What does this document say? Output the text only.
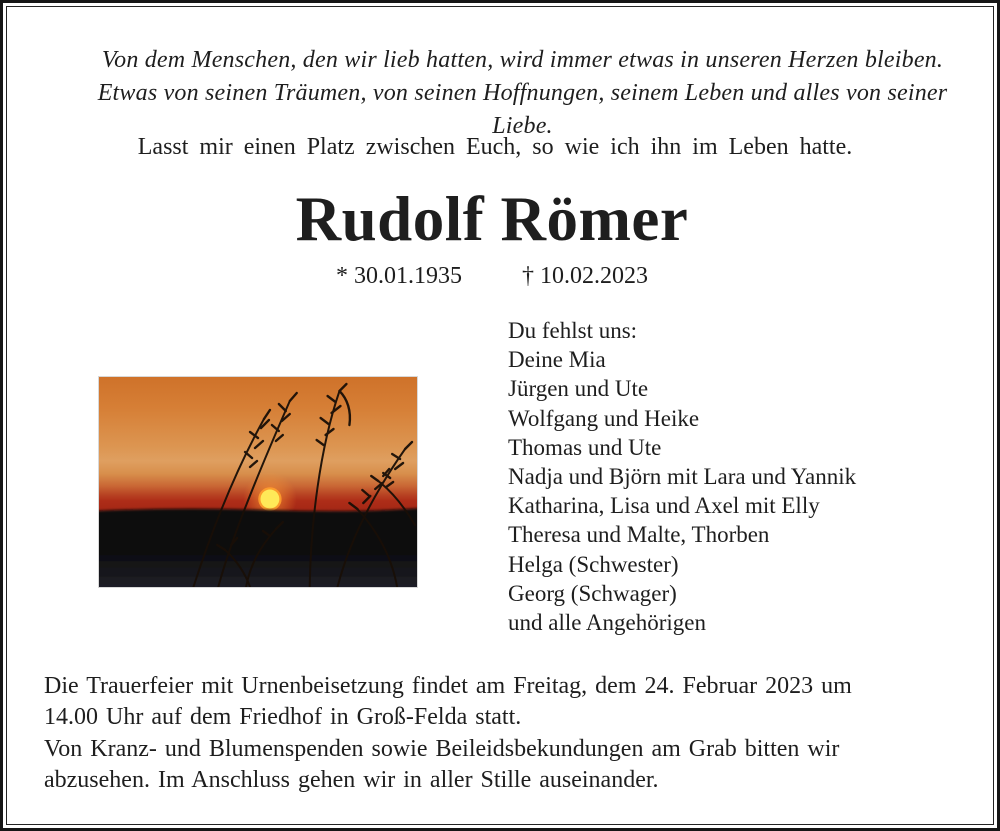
Von dem Menschen, den wir lieb hatten, wird immer etwas in unseren Herzen bleiben.
Etwas von seinen Träumen, von seinen Hoffnungen, seinem Leben und alles von seiner Liebe.
Lasst mir einen Platz zwischen Euch, so wie ich ihn im Leben hatte.
Rudolf Römer
* 30.01.1935	† 10.02.2023
Du fehlst uns:
Deine Mia
Jürgen und Ute
Wolfgang und Heike
Thomas und Ute
Nadja und Björn mit Lara und Yannik
Katharina, Lisa und Axel mit Elly
Theresa und Malte, Thorben
Helga (Schwester)
Georg (Schwager)
und alle Angehörigen
Die Trauerfeier mit Urnenbeisetzung findet am Freitag, dem 24. Februar 2023 um
14.00 Uhr auf dem Friedhof in Groß-Felda statt.
Von Kranz- und Blumenspenden sowie Beileidsbekundungen am Grab bitten wir
abzusehen. Im Anschluss gehen wir in aller Stille auseinander.
